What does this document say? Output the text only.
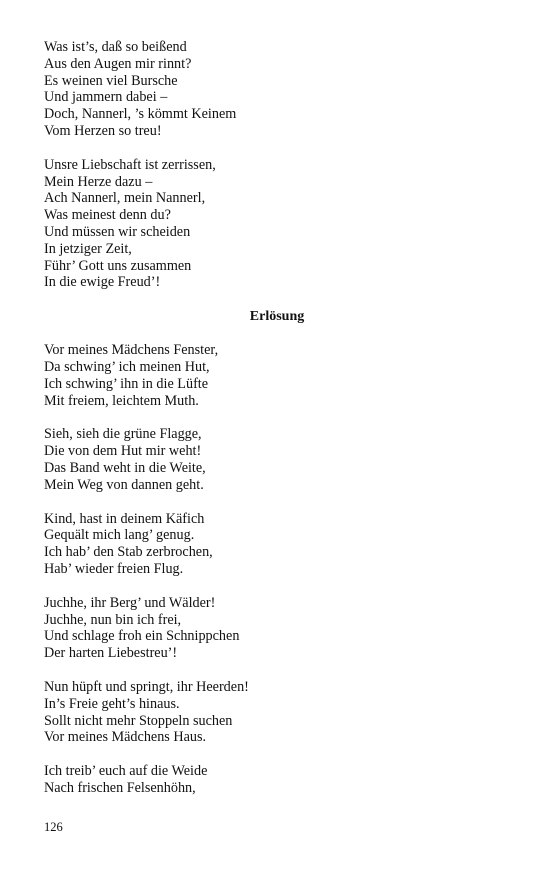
Was ist’s, daß so beißend
Aus den Augen mir rinnt?
Es weinen viel Bursche
Und jammern dabei –
Doch, Nannerl, ’s kömmt Keinem
Vom Herzen so treu!
Unsre Liebschaft ist zerrissen,
Mein Herze dazu –
Ach Nannerl, mein Nannerl,
Was meinest denn du?
Und müssen wir scheiden
In jetziger Zeit,
Führ’ Gott uns zusammen
In die ewige Freud’!
Erlösung
Vor meines Mädchens Fenster,
Da schwing’ ich meinen Hut,
Ich schwing’ ihn in die Lüfte
Mit freiem, leichtem Muth.
Sieh, sieh die grüne Flagge,
Die von dem Hut mir weht!
Das Band weht in die Weite,
Mein Weg von dannen geht.
Kind, hast in deinem Käfich
Gequält mich lang’ genug.
Ich hab’ den Stab zerbrochen,
Hab’ wieder freien Flug.
Juchhe, ihr Berg’ und Wälder!
Juchhe, nun bin ich frei,
Und schlage froh ein Schnippchen
Der harten Liebestreu’!
Nun hüpft und springt, ihr Heerden!
In’s Freie geht’s hinaus.
Sollt nicht mehr Stoppeln suchen
Vor meines Mädchens Haus.
Ich treib’ euch auf die Weide
Nach frischen Felsenhöhn,
126
